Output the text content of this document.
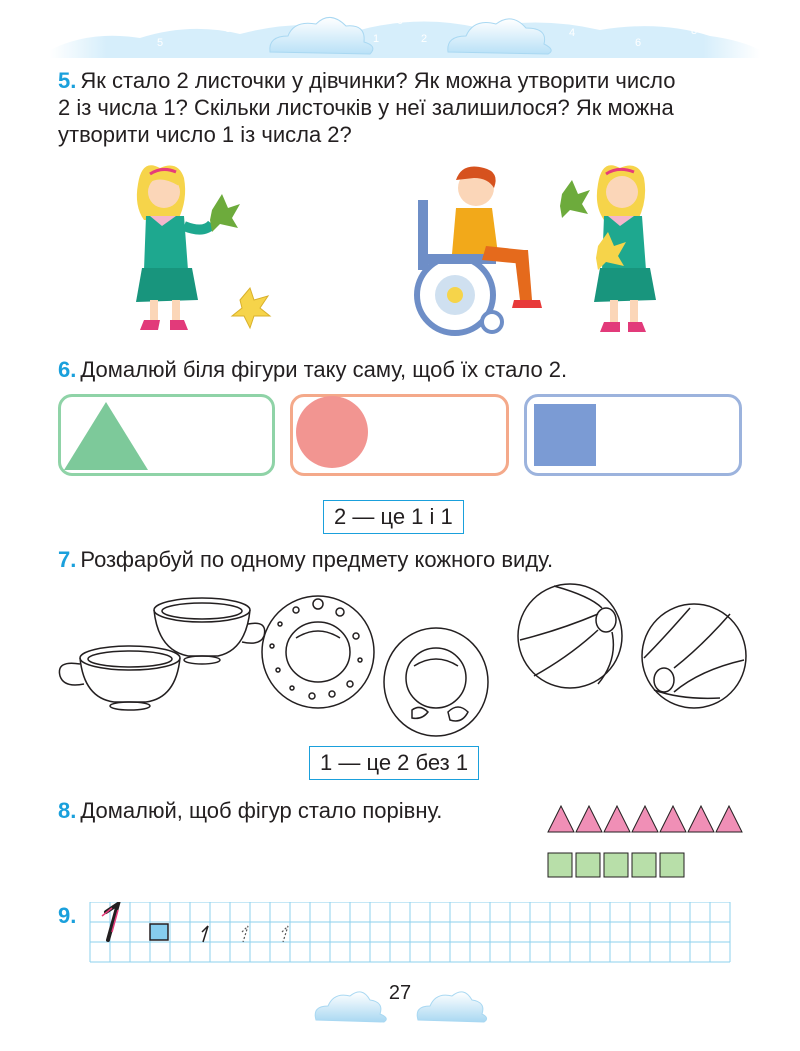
7
5
3
0
1	2	4
6
8
5. Як стало 2 листочки у дівчинки? Як можна утворити число
2 із числа 1? Скільки листочків у неї залишилося? Як можна
утворити число 1 із числа 2?
6. Домалюй біля фігури таку саму, щоб їх стало 2.
2 — це 1 і 1
7. Розфарбуй по одному предмету кожного виду.
1 — це 2 без 1
8. Домалюй, щоб фігур стало порівну.
9.
27
